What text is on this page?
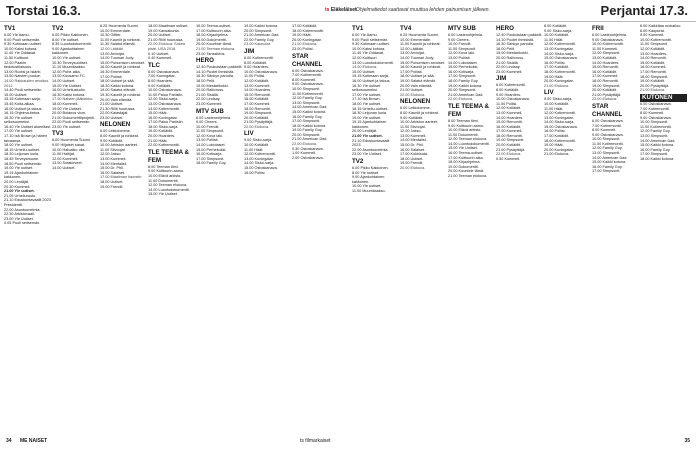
Torstai 16.3.	ts Eläkeläiset Ohjelmatiedot saattavat muuttua lehden painumisen jälkeen.	Perjantai 17.3.
TV1
6.00 Yle Aamu.
9.00 Puoli seitsemän.
9.30 Kotimaan uutiset.
10.00 Kaksi kotona.
11.40 Yle Oddasat.
11.50 Kulttuuri.
12.00 Paavin tiedotustilaisuus.
13.00 Ruotsi ja Islanti.
13.50 Naisten puolue.
14.00 Rakkauden arvoitus. 2012.
14.40 Puoli seitsemän.
15.00 Uutiset.
15.15 Kotimaan sarja.
15.45 Kulta-aikaa.
16.00 Uutiset ja talous.
16.15 Ohjelma-tietoa.
16.30 Yle uutiset selkosuomeksi.
16.40 Yle Uutiset alueeltasi.
17.00 Yle uutiset.
17.10 Isä Brown ja hänen taivaansa.
18.00 Yle uutiset.
18.15 Urheilu-uutiset.
18.30 Leijonan luola.
18.45 Terveyshuone.
18.50 Puoli seitsemän.
19.00 Yle uutiset.
19.15 Ajankohtainen kakkonen.
20.00 Lentäjät.
20.30 Kummeli.
21.00 Yle uutiset.
21.05 Urheiluruutu.
21.10 Eduskuntavaalit 2023 Presidentti.
22.00 Asuntounelmia.
22.30 Arkistovaali.
23.00 Yle Uutiset.
0.05 Puoli seitsemän.
TV2
6.00 Pikku Kakkonen.
8.00 Yle uutiset.
8.35 Luontodokumentti.
9.00 Ajankohtainen kakkonen.
10.00 Yle uutiset.
10.30 Terveysuutiset.
11.10 Muumilaakso.
12.00 Puhe-aika.
13.00 Kuusamo FC.
14.00 Uutiset.
15.00 Yle Uutiset.
16.00 Urheilustudio.
16.30 Kaksi kotona.
17.00 Naisten jääkiekko.
18.00 Kummeli.
19.00 Yle Uutiset.
20.00 Bolanos vlcm.
21.00 Dokumenttiprojekti.
22.00 Puoli seitsemän.
23.00 Yle uutiset.
TV3
6.00 Huomenta Suomi.
9.00 Hiljaiset sanat.
10.00 Haluatko olla.
11.00 Haltijat.
12.00 Kummeli.
13.00 Sotakirveet.
14.00 Uutiset.
6.25 Huomenta Suomi.
10.00 Emmerdale.
10.30 Glitter.
11.00 Kauniit ja rohkeat.
11.30 Salatut elämät.
12.00 Lääkäri.
13.00 Arvioijat.
14.00 Tuomari Judy.
15.00 Puhumisen arvoiset.
16.00 Kauniit ja rohkeat.
16.30 Emmerdale.
17.00 Poliisit.
18.00 Uutiset ja sää.
18.30 Kaikki kotona.
19.00 Salatut elämät.
19.30 Kauniit ja rohkeat.
20.00 Vain elämää.
21.00 Uutiset.
21.30 Rillit huurussa.
22.00 Kalastajat.
23.00 Uutiset.
NELONEN
6.00 Leikiolomme.
8.00 Kauniit ja rohkeat.
9.00 Kotiäidit.
10.00 Arkiston aarteet.
11.00 Siivoojat.
12.00 Jakso.
13.00 Kummeli.
14.00 Mentalist.
15.00 Dr. Phil.
16.00 Salaiset.
17.00 Maailman kaunein.
18.00 Uutiset.
19.00 Frendit.
18.00 Maailman uutiset.
19.00 Kansakunta.
20.00 Uutiset.
21.00 Rillit huurussa.
22.00 Elokuva: Sokea piste. USA 2016.
0.10 Uutiset.
0.40 Kummeli.
TLC
6.00 Ostoskanava.
7.00 Kuningatar.
8.00 Hoarders.
9.00 Kotiäidit.
10.00 Ostoskanava.
11.00 Paluu Pariisiin.
12.00 Sisko-sarja.
13.00 Ostoskanava.
14.00 Kotiremontti.
15.00 Häät.
16.00 Kuningatar.
17.00 Paluu Pariisiin.
18.00 Sisko-sarja.
19.00 Kotiäidit.
20.00 Hoarders.
21.00 Häät.
22.00 Kotiremontti.
TLE TEEMA & FEM
8.00 Teeman tiimi.
9.00 Kulttuurin aamu.
10.00 Elävä arkisto.
11.00 Dokumentti.
12.00 Teeman elokuva.
14.00 Luontodokumentti.
15.00 Yle Uutiset.
16.00 Teema-uutiset.
17.00 Kulttuurin aika.
18.00 Kirjaohjelma.
19.00 Dokumentti.
20.00 Kuuntele tämä.
21.00 Teeman elokuva.
23.00 Tanssiteos.
HERO
12.40 Poukuistaan pakkelit.
14.10 Puolet ihmisistä.
16.30 Sänkyn parodia.
18.00 Pelit.
19.00 Mestarikokki.
20.00 Rallicross.
21.00 Sisällä.
22.00 Lindsay.
23.00 Kummeli.
MTV SUB
6.00 Lastenohjelmia.
9.00 Cheers.
10.00 Frendit.
11.00 Simpsonit.
12.00 Kova laki.
13.00 Poliisit.
14.00 Lukiolaiset.
15.00 Perhekokki.
16.00 Kotisarja.
17.00 Simpsonit.
18.00 Family Guy.
19.00 Kaikki kotona.
20.00 Simpsonit.
21.00 American Dad.
22.00 Family Guy.
23.00 Kaunotar.
JIM
6.00 Kotiremontti.
8.00 Kotiäidit.
9.00 Hoarders.
10.00 Ostoskanava.
11.00 Poliisi.
12.00 Kotiäidit.
13.00 Kummeli.
14.00 Hoarders.
15.00 Remontti.
16.00 Kotiäidit.
17.00 Kummeli.
18.00 Remontti.
19.00 Simpsonit.
20.00 Kotiäidit.
21.00 Pysäyttäjä.
22.00 Elokuva.
LIV
9.00 Sisko-sarja.
10.00 Kotiäidit.
11.00 Häät.
12.00 Kotiremontti.
13.00 Kuningatar.
14.00 Sisko-sarja.
15.00 Ostoskanava.
16.00 Poliisi.
17.00 Kotiäidit.
18.00 Kotiremontti.
19.00 Häät.
20.00 Kuningatar.
21.00 Elokuva.
23.00 Poliisi.
STAR CHANNEL
6.00 Ostoskanava.
7.00 Kotiremontti.
8.00 Kummeli.
9.00 Ostoskanava.
10.00 Simpsonit.
11.00 Kotiremontti.
12.00 Family Guy.
13.00 Simpsonit.
14.00 American Dad.
15.00 Kaikki kotona.
16.00 Family Guy.
17.00 Simpsonit.
18.00 Kaikki kotona.
19.00 Family Guy.
20.00 Simpsonit.
21.00 American Dad.
22.00 Elokuva.
0.30 Ostoskanava.
1.00 Kummeli.
2.00 Ostoskanava.
TV1
6.00 Yle Aamu.
9.00 Puoli seitsemän.
9.30 Kotimaan uutiset.
10.00 Kaksi kotona.
11.40 Yle Oddasat.
12.00 Kulttuuri.
13.00 Luontodokumentti.
14.00 Elokuva.
15.00 Uutiset.
15.15 Kotimaan sarja.
16.00 Uutiset ja talous.
16.30 Yle uutiset selkosuomeksi.
17.00 Yle uutiset.
17.10 Isä Brown.
18.00 Yle uutiset.
18.15 Urheilu-uutiset.
18.30 Leijonan luola.
19.00 Yle uutiset.
19.15 Ajankohtainen kakkonen.
20.00 Lentäjät.
21.00 Yle uutiset.
21.10 Eduskuntavaalit 2023.
22.00 Asuntounelmia.
23.00 Yle Uutiset.
TV2
6.00 Pikku Kakkonen.
8.00 Yle uutiset.
9.00 Ajankohtainen kakkonen.
10.00 Yle uutiset.
11.00 Muumilaakso.
TV4
6.25 Huomenta Suomi.
10.00 Emmerdale.
11.00 Kauniit ja rohkeat.
12.00 Lääkäri.
13.00 Arvioijat.
14.00 Tuomari Judy.
15.00 Puhumisen arvoiset.
16.00 Kauniit ja rohkeat.
17.00 Poliisit.
18.00 Uutiset ja sää.
19.00 Salatut elämät.
20.00 Vain elämää.
21.00 Uutiset.
22.00 Elokuva.
NELONEN
6.00 Leikiolomme.
8.00 Kauniit ja rohkeat.
9.00 Kotiäidit.
10.00 Arkiston aarteet.
11.00 Siivoojat.
12.00 Jakso.
13.00 Kummeli.
14.00 Mentalist.
15.00 Dr. Phil.
16.00 Salaiset.
17.00 Kokkisota.
18.00 Uutiset.
19.00 Frendit.
20.00 Elokuva.
MTV SUB
6.00 Lastenohjelmia.
9.00 Cheers.
10.00 Frendit.
11.00 Simpsonit.
12.00 Kova laki.
13.00 Poliisit.
14.00 Lukiolaiset.
15.00 Perhekokki.
16.00 Kotisarja.
17.00 Simpsonit.
18.00 Family Guy.
19.00 Kaikki kotona.
20.00 Simpsonit.
21.00 American Dad.
22.00 Elokuva.
TLE TEEMA & FEM
8.00 Teeman tiimi.
9.00 Kulttuurin aamu.
10.00 Elävä arkisto.
11.00 Dokumentti.
12.00 Teeman elokuva.
14.00 Luontodokumentti.
15.00 Yle Uutiset.
16.00 Teema-uutiset.
17.00 Kulttuurin aika.
18.00 Kirjaohjelma.
19.00 Dokumentti.
20.00 Kuuntele tämä.
21.00 Teeman elokuva.
HERO
12.40 Poukuistaan pakkelit.
14.10 Puolet ihmisistä.
16.30 Sänkyn parodia.
18.00 Pelit.
19.00 Mestarikokki.
20.00 Rallicross.
21.00 Sisällä.
22.00 Lindsay.
23.00 Kummeli.
JIM
6.00 Kotiremontti.
8.00 Kotiäidit.
9.00 Hoarders.
10.00 Ostoskanava.
11.00 Poliisi.
12.00 Kotiäidit.
13.00 Kummeli.
14.00 Hoarders.
15.00 Remontti.
16.00 Kotiäidit.
17.00 Kummeli.
18.00 Remontti.
19.00 Simpsonit.
20.00 Kotiäidit.
21.00 Pysäyttäjä.
22.00 Elokuva.
0.30 Kummeli.
8.00 Kotiäidit.
9.00 Sisko-sarja.
10.00 Kotiäidit.
11.00 Häät.
12.00 Kotiremontti.
13.00 Kuningatar.
14.00 Sisko-sarja.
15.00 Ostoskanava.
16.00 Poliisi.
17.00 Kotiäidit.
18.00 Kotiremontti.
19.00 Häät.
20.00 Kuningatar.
21.00 Elokuva.
LIV
9.00 Sisko-sarja.
10.00 Kotiäidit.
11.00 Häät.
12.00 Kotiremontti.
13.00 Kuningatar.
14.00 Sisko-sarja.
15.00 Ostoskanava.
16.00 Poliisi.
17.00 Kotiäidit.
18.00 Kotiremontti.
19.00 Häät.
20.00 Kuningatar.
21.00 Elokuva.
FRII
6.00 Lastenohjelmia.
9.00 Ostoskanava.
10.00 Kotiremontti.
11.00 Kummeli.
12.00 Simpsonit.
13.00 Kotiäidit.
14.00 Hoarders.
15.00 Remontti.
16.00 Kotiäidit.
17.00 Kummeli.
18.00 Remontti.
19.00 Simpsonit.
20.00 Kotiäidit.
21.00 Pysäyttäjä.
22.00 Elokuva.
STAR CHANNEL
6.00 Ostoskanava.
7.00 Kotiremontti.
8.00 Kummeli.
9.00 Ostoskanava.
10.00 Simpsonit.
11.00 Kotiremontti.
12.00 Family Guy.
13.00 Simpsonit.
14.00 American Dad.
15.00 Kaikki kotona.
16.00 Family Guy.
17.00 Simpsonit.
6.00 Kaikkitaa ruokailoo.
8.00 Kaupunki.
9.00 Kummeli.
10.00 Kotiremontti.
11.00 Simpsonit.
12.00 Kotiäidit.
13.00 Hoarders.
14.00 Remontti.
15.00 Kotiäidit.
16.00 Kummeli.
17.00 Remontti.
18.00 Simpsonit.
19.00 Kotiäidit.
20.00 Pysäyttäjä.
21.00 Elokuva.
KUTONEN
6.00 Ostoskanava.
7.00 Kotiremontti.
8.00 Kummeli.
9.00 Ostoskanava.
10.00 Simpsonit.
11.00 Kotiremontti.
12.00 Family Guy.
13.00 Simpsonit.
14.00 American Dad.
15.00 Kaikki kotona.
16.00 Family Guy.
17.00 Simpsonit.
18.00 Kaikki kotona.
34 ME NAISET	ts filmarkaiset	35
